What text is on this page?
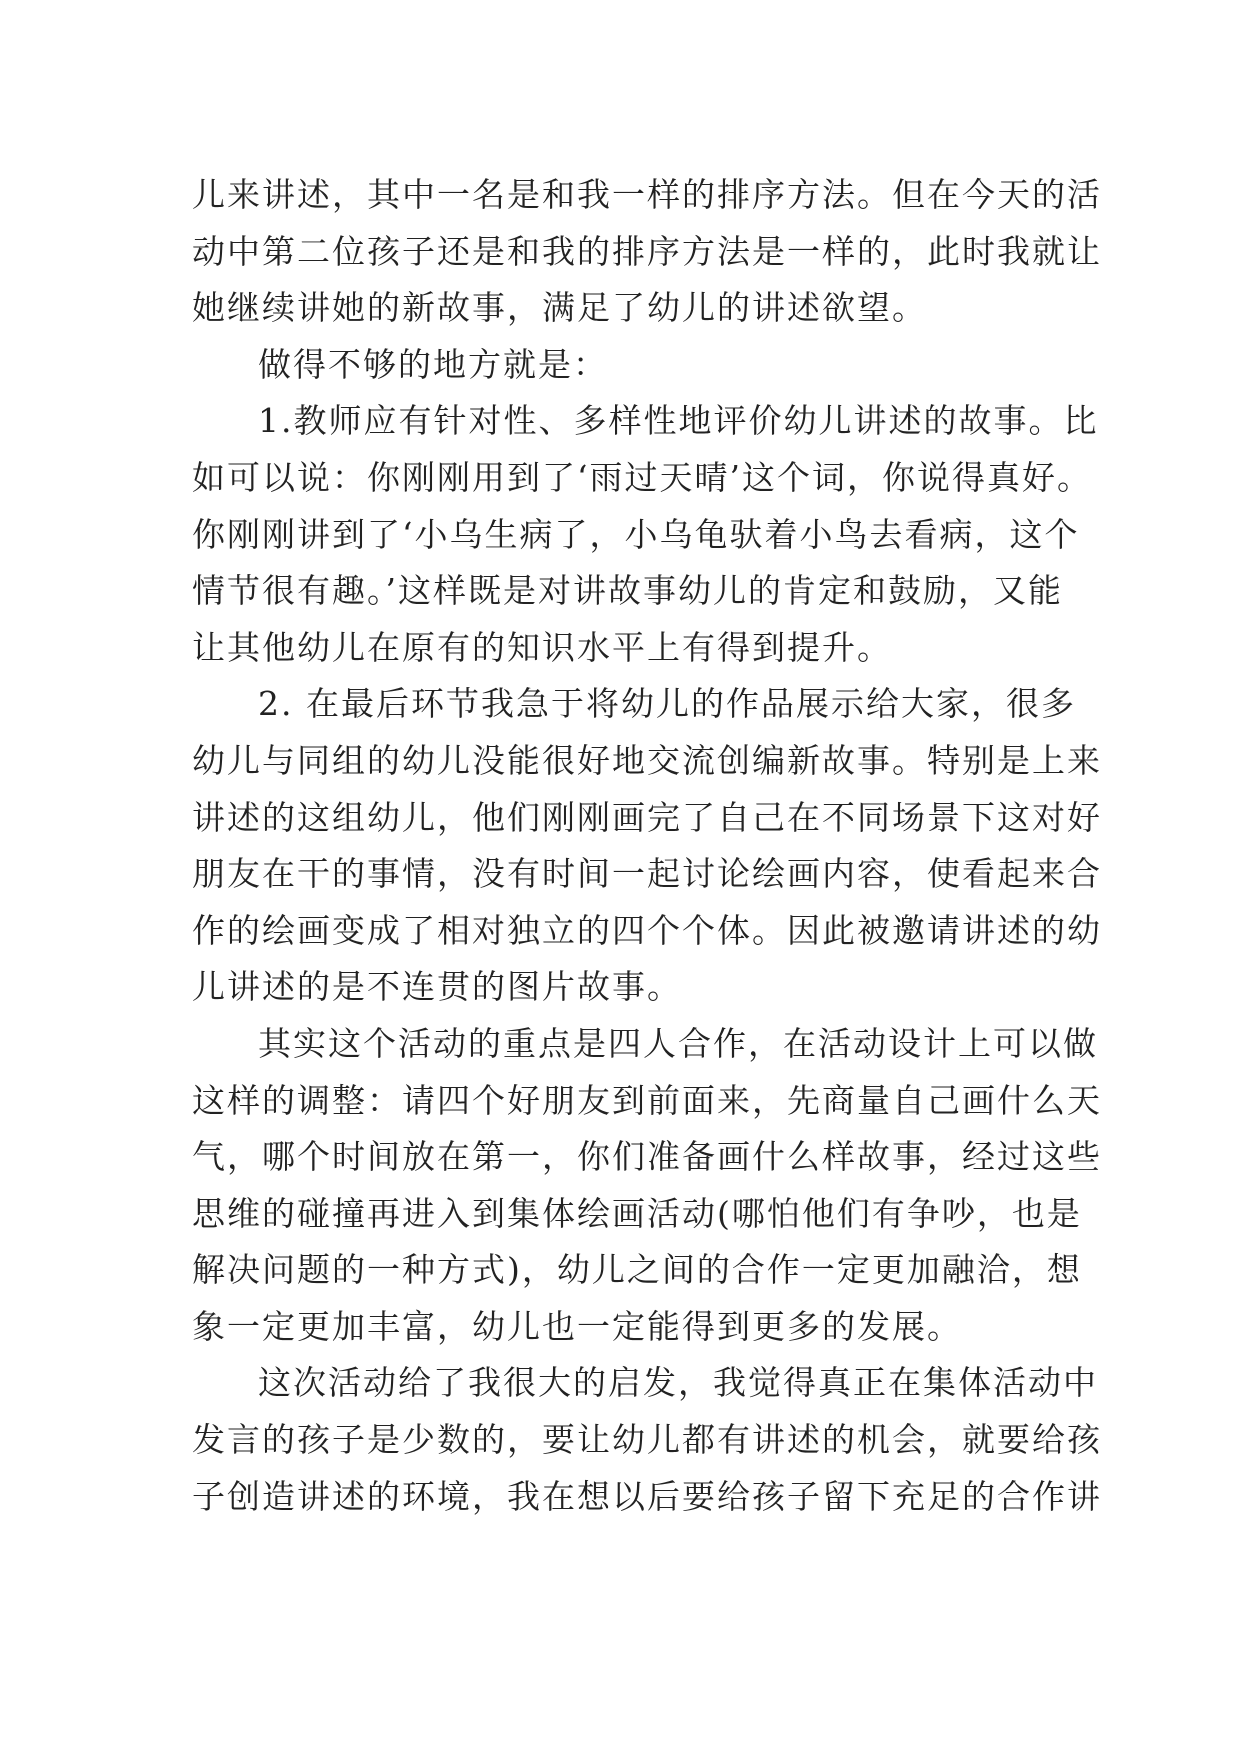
儿来讲述，其中一名是和我一样的排序方法。但在今天的活
动中第二位孩子还是和我的排序方法是一样的，此时我就让
她继续讲她的新故事，满足了幼儿的讲述欲望。
做得不够的地方就是：
1.教师应有针对性、多样性地评价幼儿讲述的故事。比
如可以说：你刚刚用到了‘雨过天晴’这个词，你说得真好。
你刚刚讲到了‘小乌生病了，小乌龟驮着小鸟去看病，这个
情节很有趣。’这样既是对讲故事幼儿的肯定和鼓励，又能
让其他幼儿在原有的知识水平上有得到提升。
2. 在最后环节我急于将幼儿的作品展示给大家，很多
幼儿与同组的幼儿没能很好地交流创编新故事。特别是上来
讲述的这组幼儿，他们刚刚画完了自己在不同场景下这对好
朋友在干的事情，没有时间一起讨论绘画内容，使看起来合
作的绘画变成了相对独立的四个个体。因此被邀请讲述的幼
儿讲述的是不连贯的图片故事。
其实这个活动的重点是四人合作，在活动设计上可以做
这样的调整：请四个好朋友到前面来，先商量自己画什么天
气，哪个时间放在第一，你们准备画什么样故事，经过这些
思维的碰撞再进入到集体绘画活动(哪怕他们有争吵，也是
解决问题的一种方式)，幼儿之间的合作一定更加融洽，想
象一定更加丰富，幼儿也一定能得到更多的发展。
这次活动给了我很大的启发，我觉得真正在集体活动中
发言的孩子是少数的，要让幼儿都有讲述的机会，就要给孩
子创造讲述的环境，我在想以后要给孩子留下充足的合作讲
